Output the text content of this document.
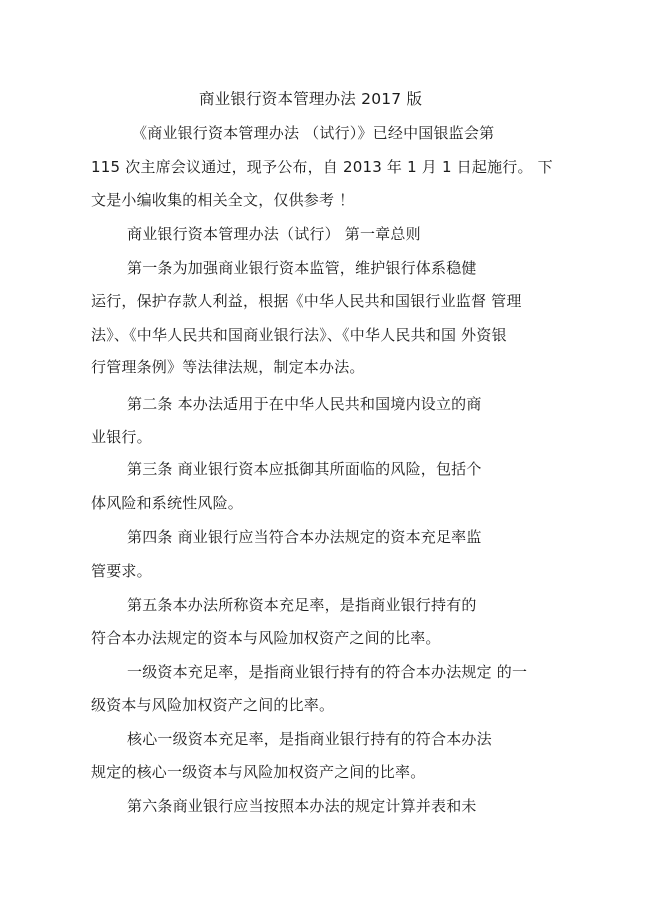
商业银行资本管理办法 2017 版
《商业银行资本管理办法 （试行）》已经中国银监会第
115 次主席会议通过，现予公布，自 2013 年 1 月 1 日起施行。 下
文是小编收集的相关全文，仅供参考 ！
商业银行资本管理办法（试行） 第一章总则
第一条为加强商业银行资本监管，维护银行体系稳健
运行，保护存款人利益，根据《中华人民共和国银行业监督 管理
法》、《中华人民共和国商业银行法》、《中华人民共和国 外资银
行管理条例》等法律法规，制定本办法。
第二条 本办法适用于在中华人民共和国境内设立的商
业银行。
第三条 商业银行资本应抵御其所面临的风险，包括个
体风险和系统性风险。
第四条 商业银行应当符合本办法规定的资本充足率监
管要求。
第五条本办法所称资本充足率，是指商业银行持有的
符合本办法规定的资本与风险加权资产之间的比率。
一级资本充足率，是指商业银行持有的符合本办法规定 的一
级资本与风险加权资产之间的比率。
核心一级资本充足率，是指商业银行持有的符合本办法
规定的核心一级资本与风险加权资产之间的比率。
第六条商业银行应当按照本办法的规定计算并表和未
